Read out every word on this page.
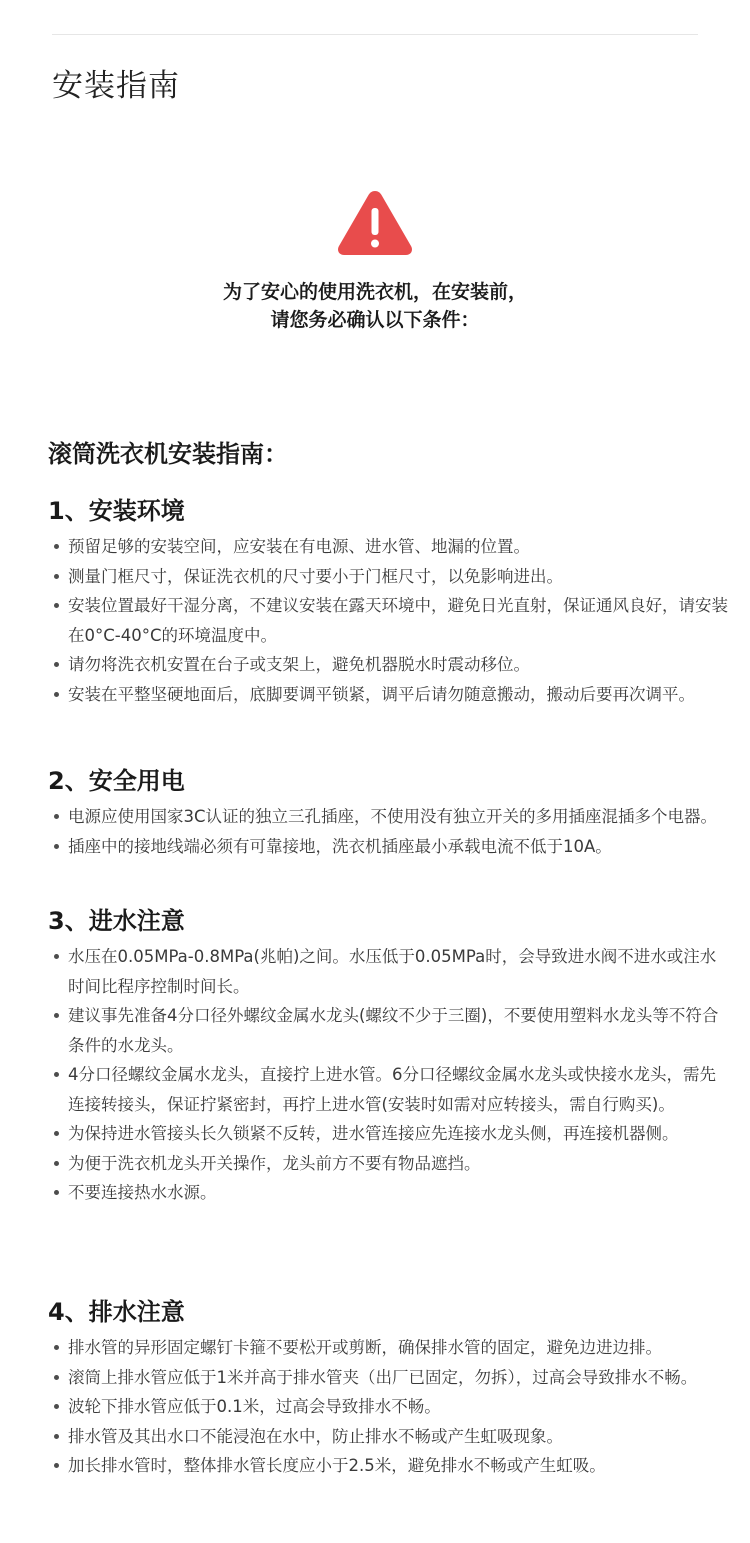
安装指南
为了安心的使用洗衣机，在安装前，
请您务必确认以下条件：
滚筒洗衣机安装指南：
1、安装环境
预留足够的安装空间，应安装在有电源、进水管、地漏的位置。
测量门框尺寸，保证洗衣机的尺寸要小于门框尺寸，以免影响进出。
安装位置最好干湿分离，不建议安装在露天环境中，避免日光直射，保证通风良好，请安装在0°C-40°C的环境温度中。
请勿将洗衣机安置在台子或支架上，避免机器脱水时震动移位。
安装在平整坚硬地面后，底脚要调平锁紧，调平后请勿随意搬动，搬动后要再次调平。
2、安全用电
电源应使用国家3C认证的独立三孔插座，不使用没有独立开关的多用插座混插多个电器。
插座中的接地线端必须有可靠接地，洗衣机插座最小承载电流不低于10A。
3、进水注意
水压在0.05MPa-0.8MPa(兆帕)之间。水压低于0.05MPa时，会导致进水阀不进水或注水时间比程序控制时间长。
建议事先准备4分口径外螺纹金属水龙头(螺纹不少于三圈)，不要使用塑料水龙头等不符合条件的水龙头。
4分口径螺纹金属水龙头，直接拧上进水管。6分口径螺纹金属水龙头或快接水龙头，需先连接转接头，保证拧紧密封，再拧上进水管(安装时如需对应转接头，需自行购买)。
为保持进水管接头长久锁紧不反转，进水管连接应先连接水龙头侧，再连接机器侧。
为便于洗衣机龙头开关操作，龙头前方不要有物品遮挡。
不要连接热水水源。
4、排水注意
排水管的异形固定螺钉卡箍不要松开或剪断，确保排水管的固定，避免边进边排。
滚筒上排水管应低于1米并高于排水管夹（出厂已固定，勿拆），过高会导致排水不畅。
波轮下排水管应低于0.1米，过高会导致排水不畅。
排水管及其出水口不能浸泡在水中，防止排水不畅或产生虹吸现象。
加长排水管时，整体排水管长度应小于2.5米，避免排水不畅或产生虹吸。
